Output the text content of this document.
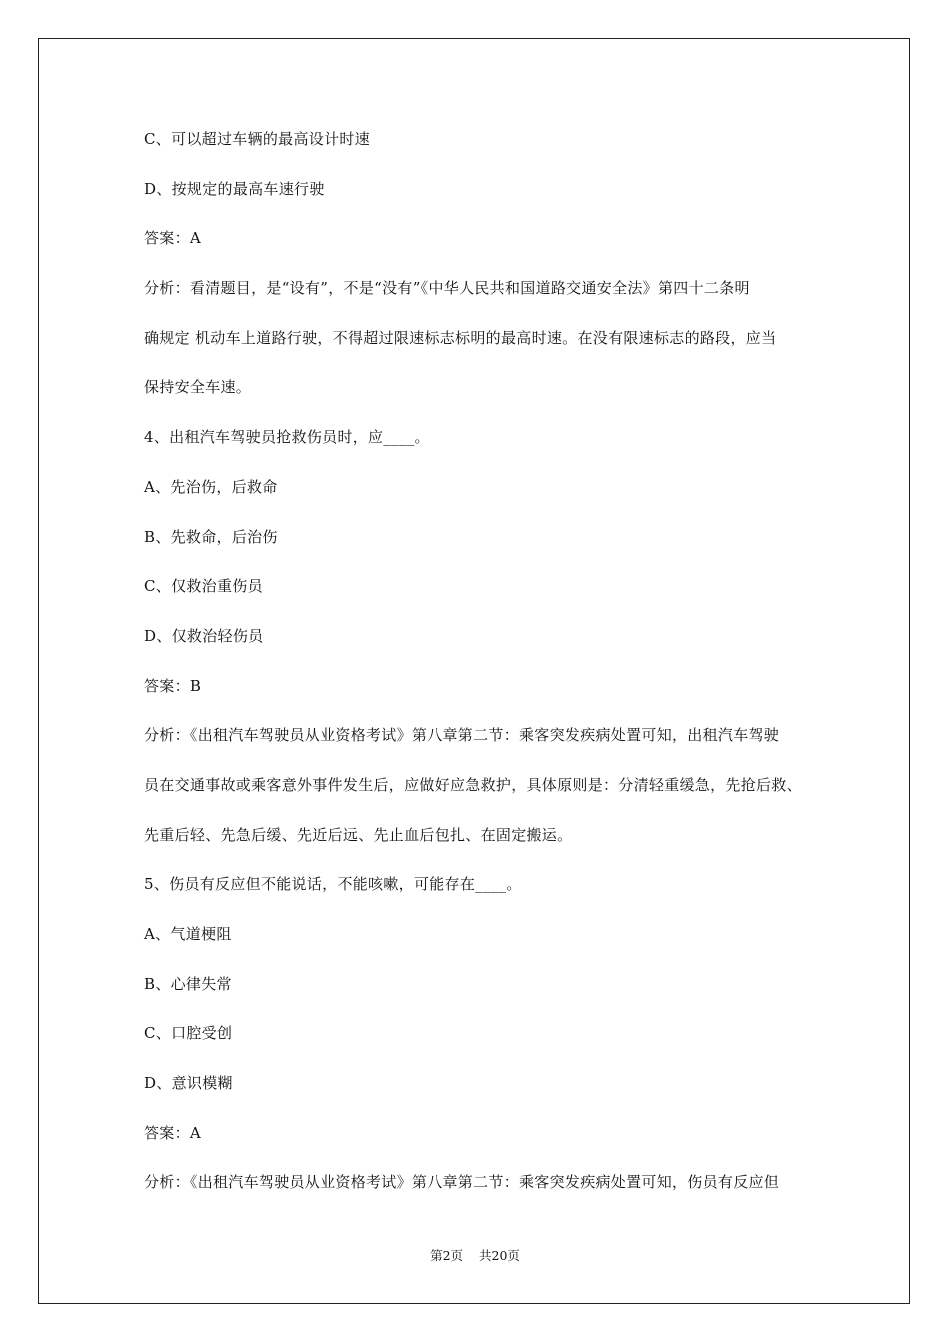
C、可以超过车辆的最高设计时速
D、按规定的最高车速行驶
答案：A
分析：看清题目，是“设有”，不是“没有”《中华人民共和国道路交通安全法》第四十二条明
确规定 机动车上道路行驶，不得超过限速标志标明的最高时速。在没有限速标志的路段，应当
保持安全车速。
4、出租汽车驾驶员抢救伤员时，应____。
A、先治伤，后救命
B、先救命，后治伤
C、仅救治重伤员
D、仅救治轻伤员
答案：B
分析：《出租汽车驾驶员从业资格考试》第八章第二节：乘客突发疾病处置可知，出租汽车驾驶
员在交通事故或乘客意外事件发生后，应做好应急救护，具体原则是：分清轻重缓急，先抢后救、
先重后轻、先急后缓、先近后远、先止血后包扎、在固定搬运。
5、伤员有反应但不能说话，不能咳嗽，可能存在____。
A、气道梗阻
B、心律失常
C、口腔受创
D、意识模糊
答案：A
分析：《出租汽车驾驶员从业资格考试》第八章第二节：乘客突发疾病处置可知，伤员有反应但
第2页 共20页
